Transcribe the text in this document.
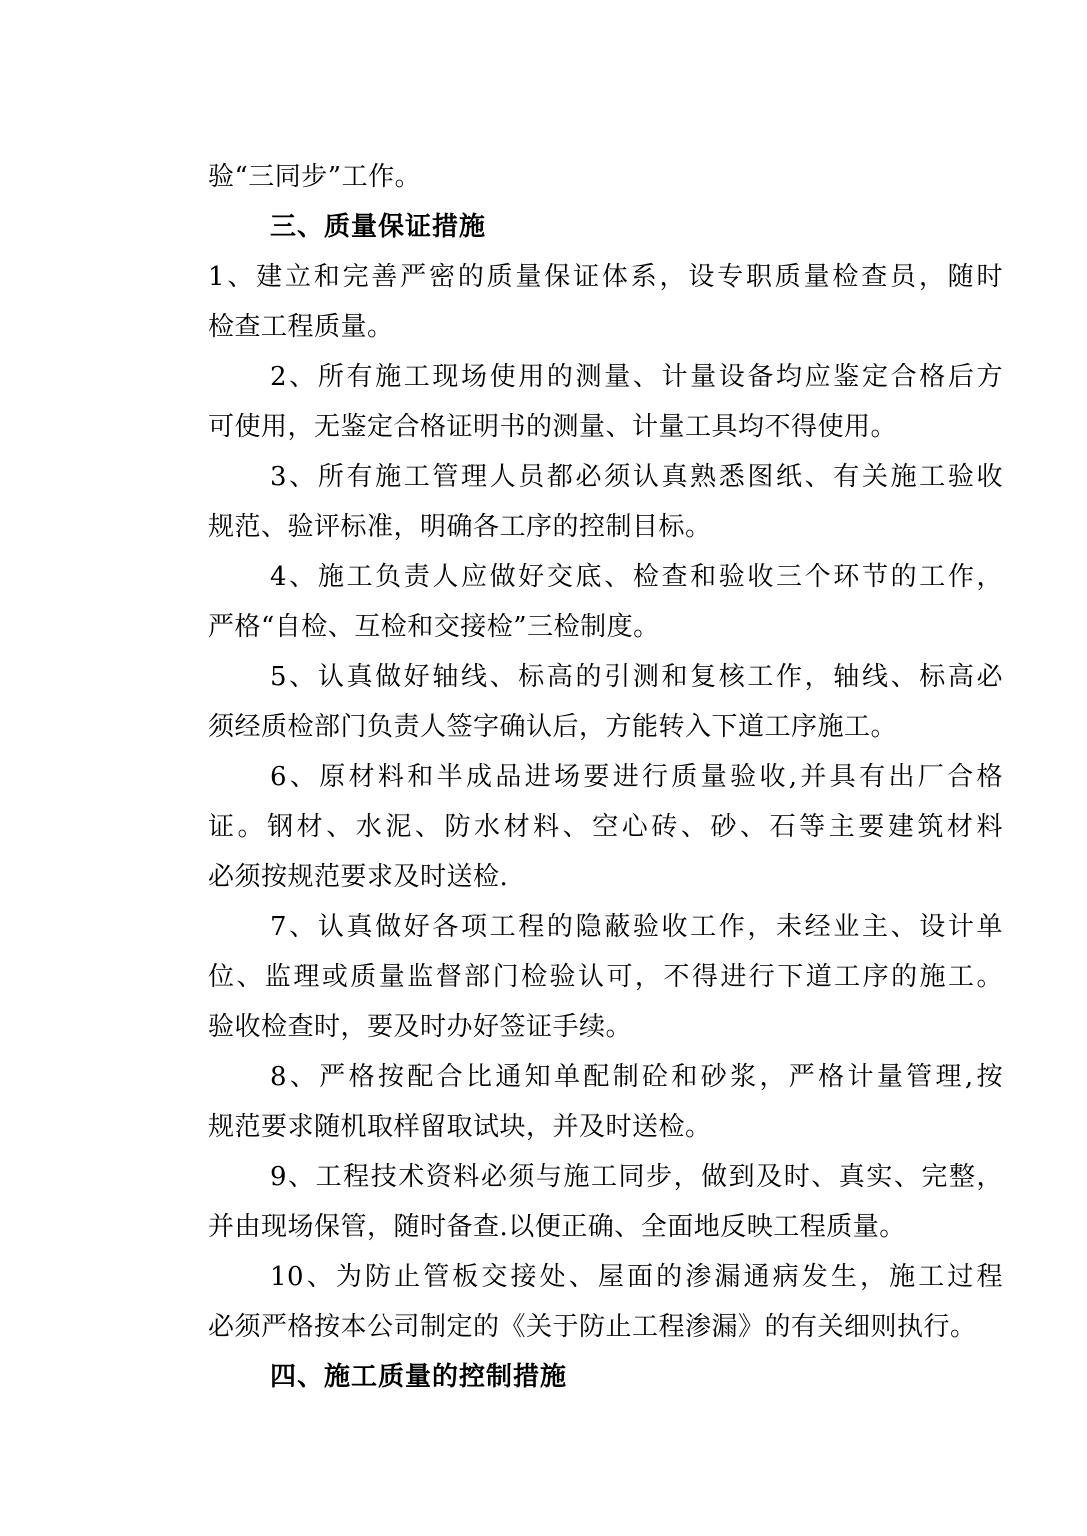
验“三同步”工作。
三、质量保证措施
1、建立和完善严密的质量保证体系，设专职质量检查员，随时
检查工程质量。
2、所有施工现场使用的测量、计量设备均应鉴定合格后方
可使用，无鉴定合格证明书的测量、计量工具均不得使用。
3、所有施工管理人员都必须认真熟悉图纸、有关施工验收
规范、验评标准，明确各工序的控制目标。
4、施工负责人应做好交底、检查和验收三个环节的工作，
严格“自检、互检和交接检”三检制度。
5、认真做好轴线、标高的引测和复核工作，轴线、标高必
须经质检部门负责人签字确认后，方能转入下道工序施工。
6、原材料和半成品进场要进行质量验收,并具有出厂合格
证。钢材、水泥、防水材料、空心砖、砂、石等主要建筑材料
必须按规范要求及时送检.
7、认真做好各项工程的隐蔽验收工作，未经业主、设计单
位、监理或质量监督部门检验认可，不得进行下道工序的施工。
验收检查时，要及时办好签证手续。
8、严格按配合比通知单配制砼和砂浆，严格计量管理,按
规范要求随机取样留取试块，并及时送检。
9、工程技术资料必须与施工同步，做到及时、真实、完整，
并由现场保管，随时备查.以便正确、全面地反映工程质量。
10、为防止管板交接处、屋面的渗漏通病发生，施工过程
必须严格按本公司制定的《关于防止工程渗漏》的有关细则执行。
四、施工质量的控制措施
